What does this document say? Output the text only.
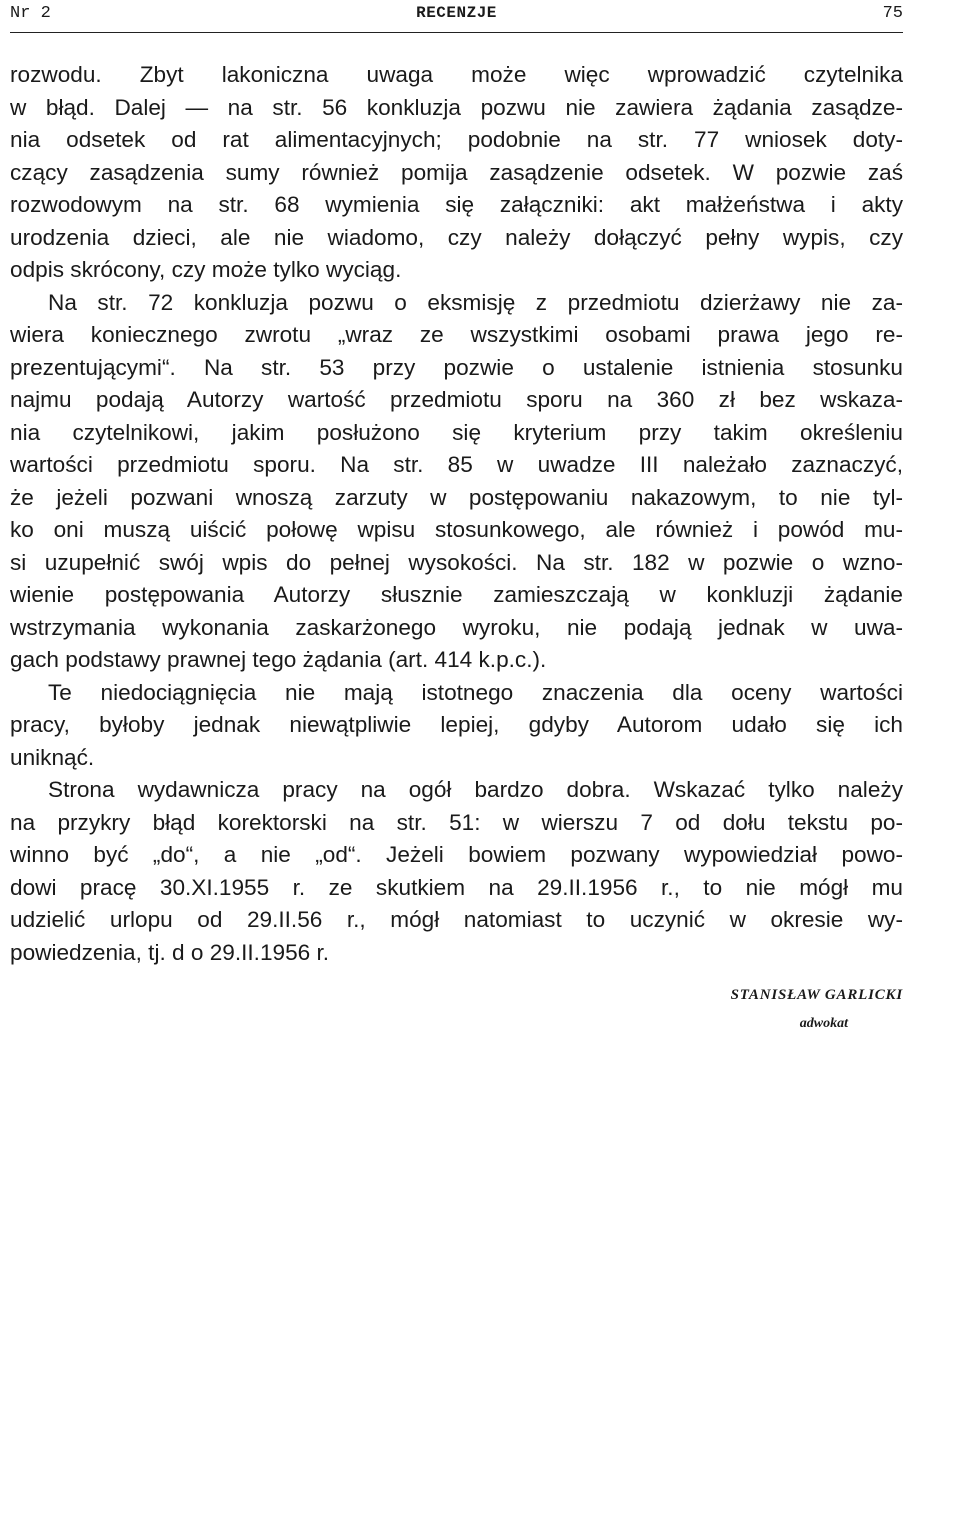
Nr 2	RECENZJE	75
rozwodu. Zbyt lakoniczna uwaga może więc wprowadzić czytelnika
w błąd. Dalej — na str. 56 konkluzja pozwu nie zawiera żądania zasądze-
nia odsetek od rat alimentacyjnych; podobnie na str. 77 wniosek doty-
czący zasądzenia sumy również pomija zasądzenie odsetek. W pozwie zaś
rozwodowym na str. 68 wymienia się załączniki: akt małżeństwa i akty
urodzenia dzieci, ale nie wiadomo, czy należy dołączyć pełny wypis, czy
odpis skrócony, czy może tylko wyciąg.
Na str. 72 konkluzja pozwu o eksmisję z przedmiotu dzierżawy nie za-
wiera koniecznego zwrotu „wraz ze wszystkimi osobami prawa jego re-
prezentującymi“. Na str. 53 przy pozwie o ustalenie istnienia stosunku
najmu podają Autorzy wartość przedmiotu sporu na 360 zł bez wskaza-
nia czytelnikowi, jakim posłużono się kryterium przy takim określeniu
wartości przedmiotu sporu. Na str. 85 w uwadze III należało zaznaczyć,
że jeżeli pozwani wnoszą zarzuty w postępowaniu nakazowym, to nie tyl-
ko oni muszą uiścić połowę wpisu stosunkowego, ale również i powód mu-
si uzupełnić swój wpis do pełnej wysokości. Na str. 182 w pozwie o wzno-
wienie postępowania Autorzy słusznie zamieszczają w konkluzji żądanie
wstrzymania wykonania zaskarżonego wyroku, nie podają jednak w uwa-
gach podstawy prawnej tego żądania (art. 414 k.p.c.).
Te niedociągnięcia nie mają istotnego znaczenia dla oceny wartości
pracy, byłoby jednak niewątpliwie lepiej, gdyby Autorom udało się ich
uniknąć.
Strona wydawnicza pracy na ogół bardzo dobra. Wskazać tylko należy
na przykry błąd korektorski na str. 51: w wierszu 7 od dołu tekstu po-
winno być „do“, a nie „od“. Jeżeli bowiem pozwany wypowiedział powo-
dowi pracę 30.XI.1955 r. ze skutkiem na 29.II.1956 r., to nie mógł mu
udzielić urlopu od 29.II.56 r., mógł natomiast to uczynić w okresie wy-
powiedzenia, tj. d o 29.II.1956 r.
STANISŁAW GARLICKI
adwokat
